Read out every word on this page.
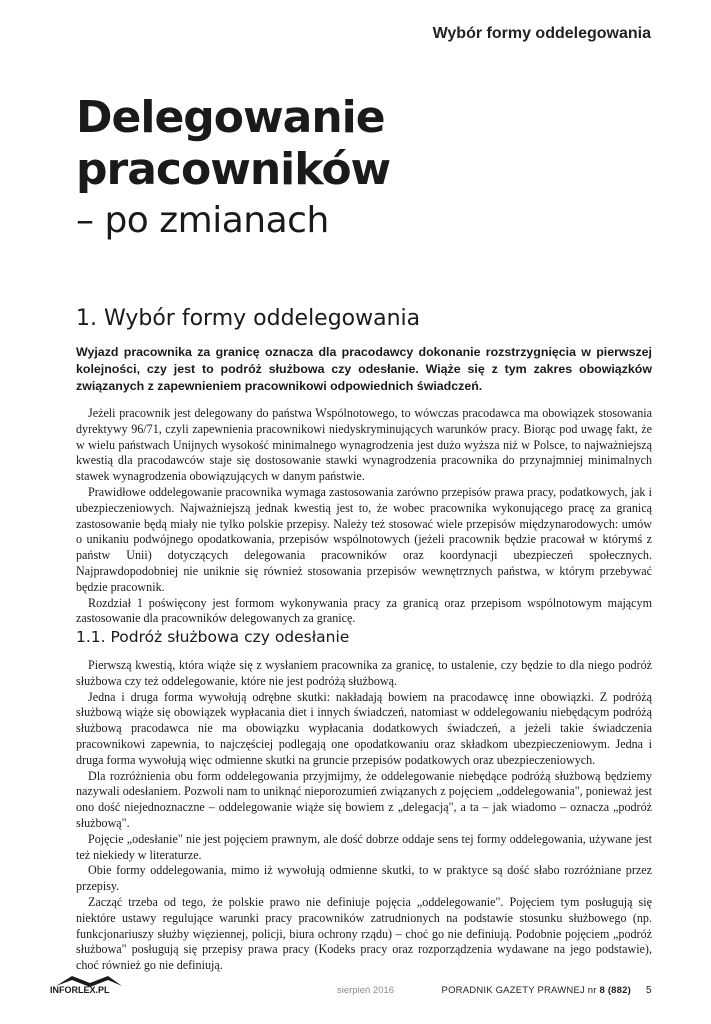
Wybór formy oddelegowania
Delegowanie
pracowników
– po zmianach
1. Wybór formy oddelegowania

Wyjazd pracownika za granicę oznacza dla pracodawcy dokonanie rozstrzygnięcia w pierwszej kolejności, czy jest to podróż służbowa czy odesłanie. Wiąże się z tym zakres obowiązków związanych z zapewnieniem pracownikowi odpowiednich świadczeń.

Jeżeli pracownik jest delegowany do państwa Wspólnotowego, to wówczas pracodawca ma obowiązek stosowania dyrektywy 96/71, czyli zapewnienia pracownikowi niedyskryminujących warunków pracy. Biorąc pod uwagę fakt, że w wielu państwach Unijnych wysokość minimalnego wynagrodzenia jest dużo wyższa niż w Polsce, to najważniejszą kwestią dla pracodawców staje się dostosowanie stawki wynagrodzenia pracownika do przynajmniej minimalnych stawek wynagrodzenia obowiązujących w danym państwie.

Prawidłowe oddelegowanie pracownika wymaga zastosowania zarówno przepisów prawa pracy, podatkowych, jak i ubezpieczeniowych. Najważniejszą jednak kwestią jest to, że wobec pracownika wykonującego pracę za granicą zastosowanie będą miały nie tylko polskie przepisy. Należy też stosować wiele przepisów międzynarodowych: umów o unikaniu podwójnego opodatkowania, przepisów wspólnotowych (jeżeli pracownik będzie pracował w którymś z państw Unii) dotyczących delegowania pracowników oraz koordynacji ubezpieczeń społecznych. Najprawdopodobniej nie uniknie się również stosowania przepisów wewnętrznych państwa, w którym przebywać będzie pracownik.

Rozdział 1 poświęcony jest formom wykonywania pracy za granicą oraz przepisom wspólnotowym mającym zastosowanie dla pracowników delegowanych za granicę.

1.1. Podróż służbowa czy odesłanie

Pierwszą kwestią, która wiąże się z wysłaniem pracownika za granicę, to ustalenie, czy będzie to dla niego podróż służbowa czy też oddelegowanie, które nie jest podróżą służbową.

Jedna i druga forma wywołują odrębne skutki: nakładają bowiem na pracodawcę inne obowiązki. Z podróżą służbową wiąże się obowiązek wypłacania diet i innych świadczeń, natomiast w oddelegowaniu niebędącym podróżą służbową pracodawca nie ma obowiązku wypłacania dodatkowych świadczeń, a jeżeli takie świadczenia pracownikowi zapewnia, to najczęściej podlegają one opodatkowaniu oraz składkom ubezpieczeniowym. Jedna i druga forma wywołują więc odmienne skutki na gruncie przepisów podatkowych oraz ubezpieczeniowych.

Dla rozróżnienia obu form oddelegowania przyjmijmy, że oddelegowanie niebędące podróżą służbową będziemy nazywali odesłaniem. Pozwoli nam to uniknąć nieporozumień związanych z pojęciem „oddelegowania", ponieważ jest ono dość niejednoznaczne – oddelegowanie wiąże się bowiem z „delegacją", a ta – jak wiadomo – oznacza „podróż służbową".

Pojęcie „odesłanie" nie jest pojęciem prawnym, ale dość dobrze oddaje sens tej formy oddelegowania, używane jest też niekiedy w literaturze.

Obie formy oddelegowania, mimo iż wywołują odmienne skutki, to w praktyce są dość słabo rozróżniane przez przepisy.

Zacząć trzeba od tego, że polskie prawo nie definiuje pojęcia „oddelegowanie". Pojęciem tym posługują się niektóre ustawy regulujące warunki pracy pracowników zatrudnionych na podstawie stosunku służbowego (np. funkcjonariuszy służby więziennej, policji, biura ochrony rządu) – choć go nie definiują. Podobnie pojęciem „podróż służbowa" posługują się przepisy prawa pracy (Kodeks pracy oraz rozporządzenia wydawane na jego podstawie), choć również go nie definiują.

INFORLEX.PL	sierpień 2016	PORADNIK GAZETY PRAWNEJ nr 8 (882) 5
